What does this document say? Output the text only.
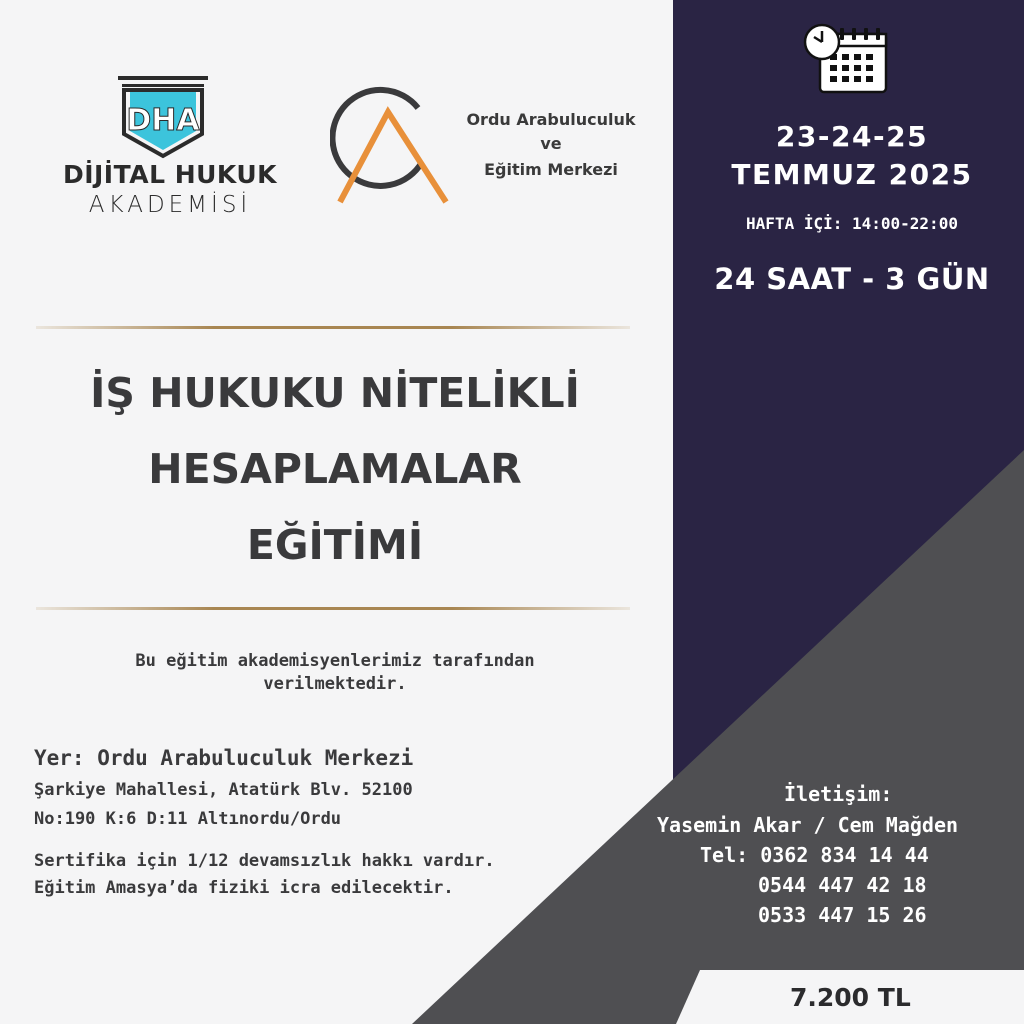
DHA
DİJİTAL HUKUK
AKADEMİSİ
Ordu Arabuluculuk
ve
Eğitim Merkezi
İŞ HUKUKU NİTELİKLİ
HESAPLAMALAR
EĞİTİMİ
Bu eğitim akademisyenlerimiz tarafından
verilmektedir.
Yer: Ordu Arabuluculuk Merkezi
Şarkiye Mahallesi, Atatürk Blv. 52100
No:190 K:6 D:11 Altınordu/Ordu
Sertifika için 1/12 devamsızlık hakkı vardır.
Eğitim Amasya’da fiziki icra edilecektir.
23-24-25
TEMMUZ 2025
HAFTA İÇİ: 14:00-22:00
24 SAAT - 3 GÜN
İletişim:
Yasemin Akar / Cem Mağden
Tel: 0362 834 14 44
0544 447 42 18
0533 447 15 26
7.200 TL
